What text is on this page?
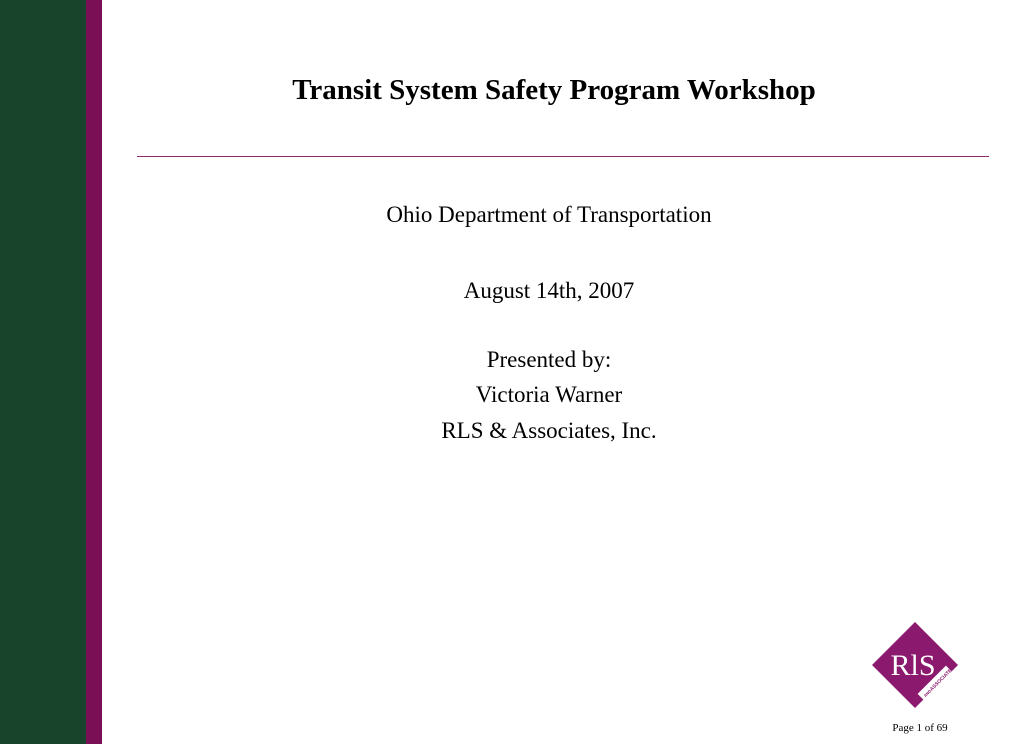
Transit System Safety Program Workshop
Ohio Department of Transportation
August 14th, 2007
Presented by:
Victoria Warner
RLS & Associates, Inc.
RlS
AND
ASSOCIATES
Page 1 of 69
